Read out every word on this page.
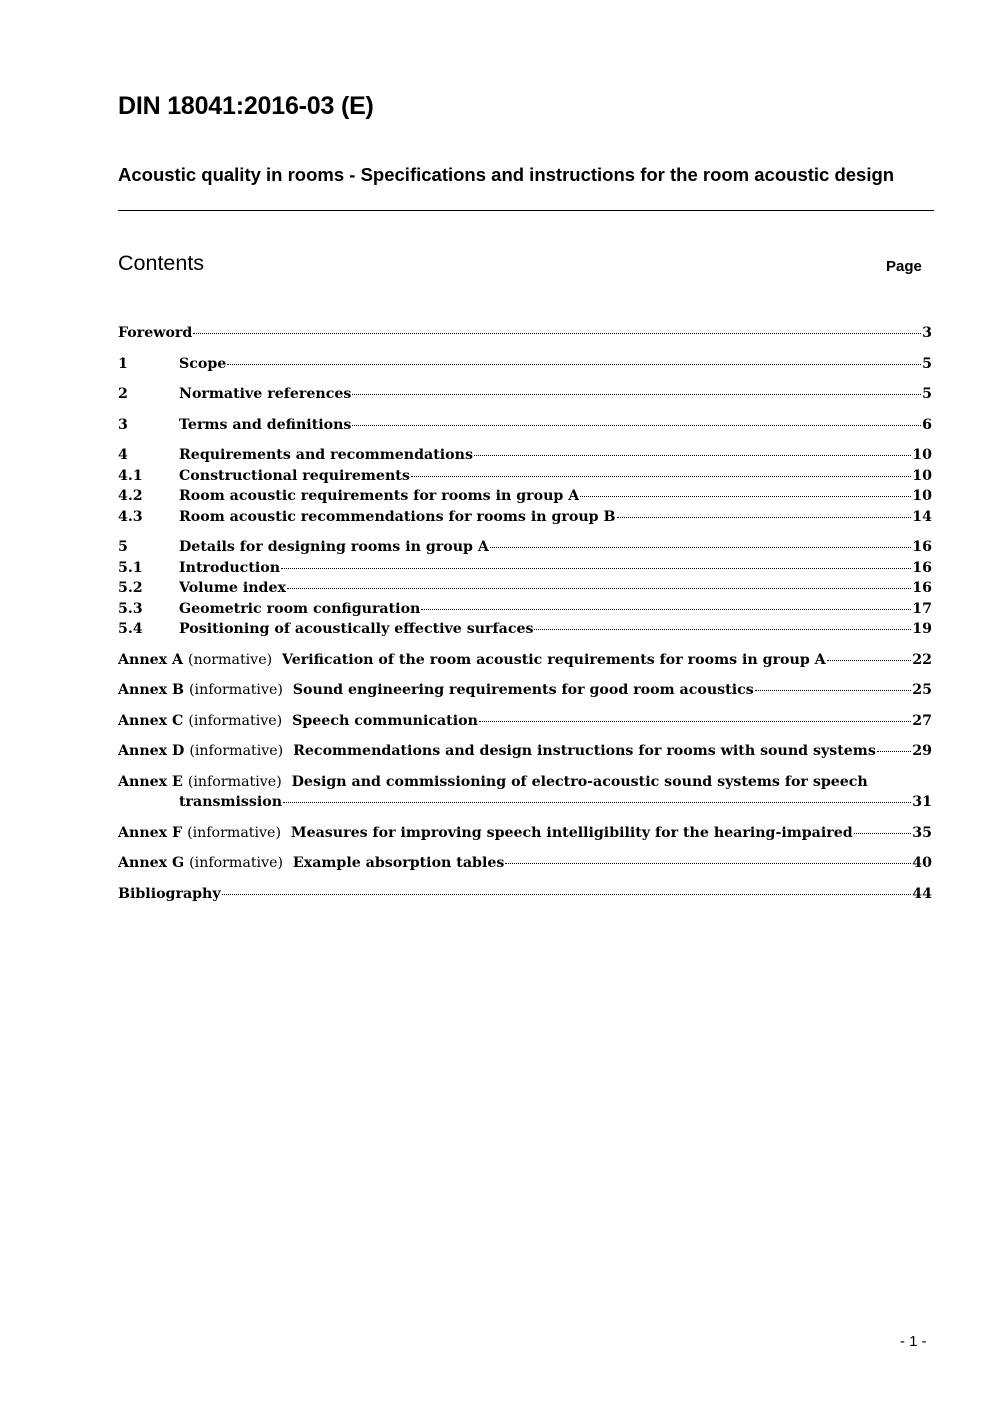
DIN 18041:2016-03 (E)
Acoustic quality in rooms - Specifications and instructions for the room acoustic design
Contents	Page
Foreword	3
1	Scope	5
2	Normative references	5
3	Terms and definitions	6
4	Requirements and recommendations	10
4.1	Constructional requirements	10
4.2	Room acoustic requirements for rooms in group A	10
4.3	Room acoustic recommendations for rooms in group B	14
5	Details for designing rooms in group A	16
5.1	Introduction	16
5.2	Volume index	16
5.3	Geometric room configuration	17
5.4	Positioning of acoustically effective surfaces	19
Annex A (normative) Verification of the room acoustic requirements for rooms in group A	22
Annex B (informative) Sound engineering requirements for good room acoustics	25
Annex C (informative) Speech communication	27
Annex D (informative) Recommendations and design instructions for rooms with sound systems	29
Annex E (informative) Design and commissioning of electro-acoustic sound systems for speech
transmission	31
Annex F (informative) Measures for improving speech intelligibility for the hearing-impaired	35
Annex G (informative) Example absorption tables	40
Bibliography	44
- 1 -
